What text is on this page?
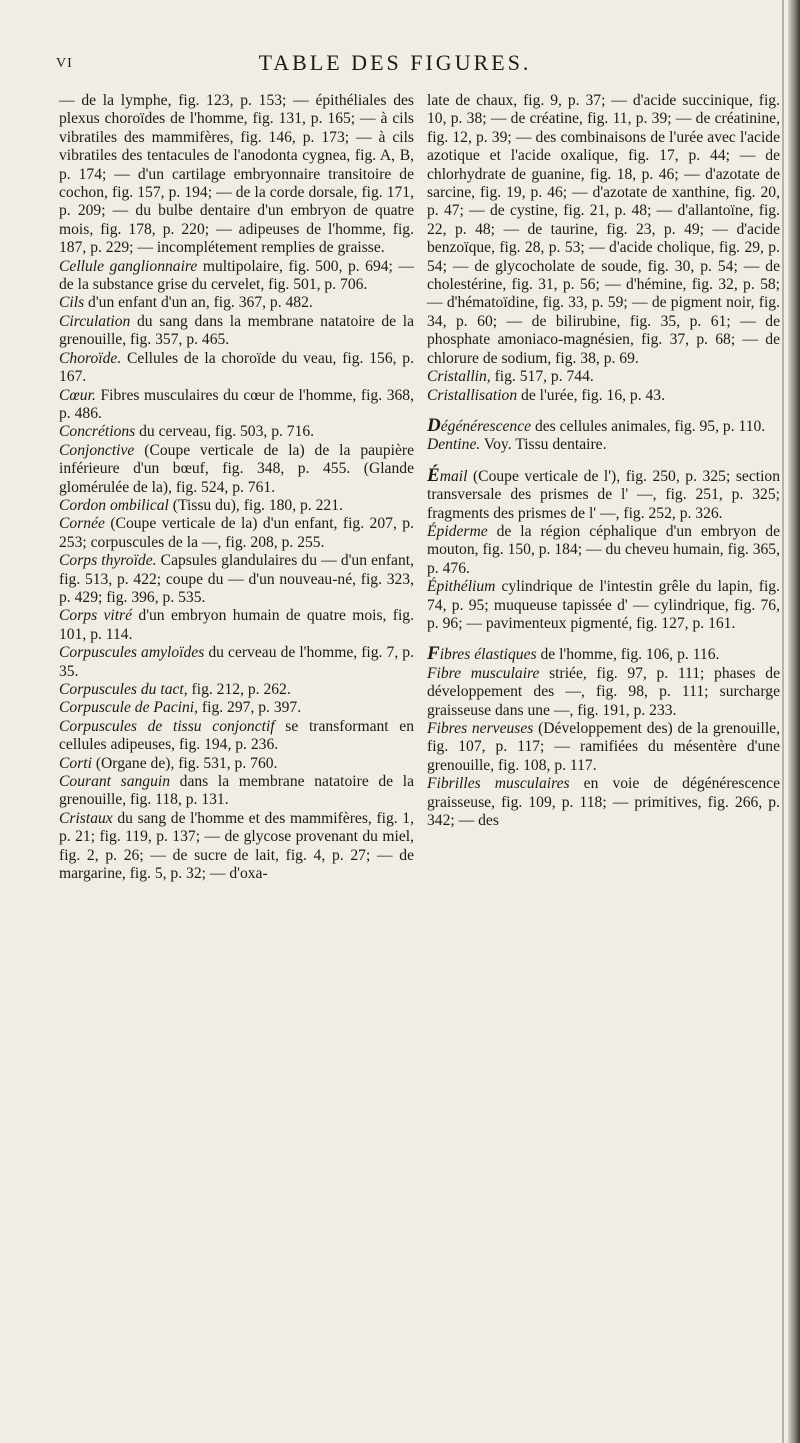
VI	TABLE DES FIGURES.

— de la lymphe, fig. 123, p. 153; — épithéliales des plexus choroïdes de l'homme, fig. 131, p. 165; — à cils vibratiles des mammifères, fig. 146, p. 173; — à cils vibratiles des tentacules de l'anodonta cygnea, fig. A, B, p. 174; — d'un cartilage embryonnaire transitoire de cochon, fig. 157, p. 194; — de la corde dorsale, fig. 171, p. 209; — du bulbe dentaire d'un embryon de quatre mois, fig. 178, p. 220; — adipeuses de l'homme, fig. 187, p. 229; — incomplétement remplies de graisse.

Cellule ganglionnaire multipolaire, fig. 500, p. 694; — de la substance grise du cervelet, fig. 501, p. 706.

Cils d'un enfant d'un an, fig. 367, p. 482.

Circulation du sang dans la membrane natatoire de la grenouille, fig. 357, p. 465.

Choroïde. Cellules de la choroïde du veau, fig. 156, p. 167.

Cœur. Fibres musculaires du cœur de l'homme, fig. 368, p. 486.

Concrétions du cerveau, fig. 503, p. 716.

Conjonctive (Coupe verticale de la) de la paupière inférieure d'un bœuf, fig. 348, p. 455. (Glande glomérulée de la), fig. 524, p. 761.

Cordon ombilical (Tissu du), fig. 180, p. 221.

Cornée (Coupe verticale de la) d'un enfant, fig. 207, p. 253; corpuscules de la —, fig. 208, p. 255.

Corps thyroïde. Capsules glandulaires du — d'un enfant, fig. 513, p. 422; coupe du — d'un nouveau-né, fig. 323, p. 429; fig. 396, p. 535.

Corps vitré d'un embryon humain de quatre mois, fig. 101, p. 114.

Corpuscules amyloïdes du cerveau de l'homme, fig. 7, p. 35.

Corpuscules du tact, fig. 212, p. 262.

Corpuscule de Pacini, fig. 297, p. 397.

Corpuscules de tissu conjonctif se transformant en cellules adipeuses, fig. 194, p. 236.

Corti (Organe de), fig. 531, p. 760.

Courant sanguin dans la membrane natatoire de la grenouille, fig. 118, p. 131.

Cristaux du sang de l'homme et des mammifères, fig. 1, p. 21; fig. 119, p. 137; — de glycose provenant du miel, fig. 2, p. 26; — de sucre de lait, fig. 4, p. 27; — de margarine, fig. 5, p. 32; — d'oxa-

late de chaux, fig. 9, p. 37; — d'acide succinique, fig. 10, p. 38; — de créatine, fig. 11, p. 39; — de créatinine, fig. 12, p. 39; — des combinaisons de l'urée avec l'acide azotique et l'acide oxalique, fig. 17, p. 44; — de chlorhydrate de guanine, fig. 18, p. 46; — d'azotate de sarcine, fig. 19, p. 46; — d'azotate de xanthine, fig. 20, p. 47; — de cystine, fig. 21, p. 48; — d'allantoïne, fig. 22, p. 48; — de taurine, fig. 23, p. 49; — d'acide benzoïque, fig. 28, p. 53; — d'acide cholique, fig. 29, p. 54; — de glycocholate de soude, fig. 30, p. 54; — de cholestérine, fig. 31, p. 56; — d'hémine, fig. 32, p. 58; — d'hématoïdine, fig. 33, p. 59; — de pigment noir, fig. 34, p. 60; — de bilirubine, fig. 35, p. 61; — de phosphate amoniaco-magnésien, fig. 37, p. 68; — de chlorure de sodium, fig. 38, p. 69.

Cristallin, fig. 517, p. 744.

Cristallisation de l'urée, fig. 16, p. 43.

Dégénérescence des cellules animales, fig. 95, p. 110.

Dentine. Voy. Tissu dentaire.

Émail (Coupe verticale de l'), fig. 250, p. 325; section transversale des prismes de l' —, fig. 251, p. 325; fragments des prismes de l' —, fig. 252, p. 326.

Épiderme de la région céphalique d'un embryon de mouton, fig. 150, p. 184; — du cheveu humain, fig. 365, p. 476.

Épithélium cylindrique de l'intestin grêle du lapin, fig. 74, p. 95; muqueuse tapissée d' — cylindrique, fig. 76, p. 96; — pavimenteux pigmenté, fig. 127, p. 161.

Fibres élastiques de l'homme, fig. 106, p. 116.

Fibre musculaire striée, fig. 97, p. 111; phases de développement des —, fig. 98, p. 111; surcharge graisseuse dans une —, fig. 191, p. 233.

Fibres nerveuses (Développement des) de la grenouille, fig. 107, p. 117; — ramifiées du mésentère d'une grenouille, fig. 108, p. 117.

Fibrilles musculaires en voie de dégénérescence graisseuse, fig. 109, p. 118; — primitives, fig. 266, p. 342; — des
